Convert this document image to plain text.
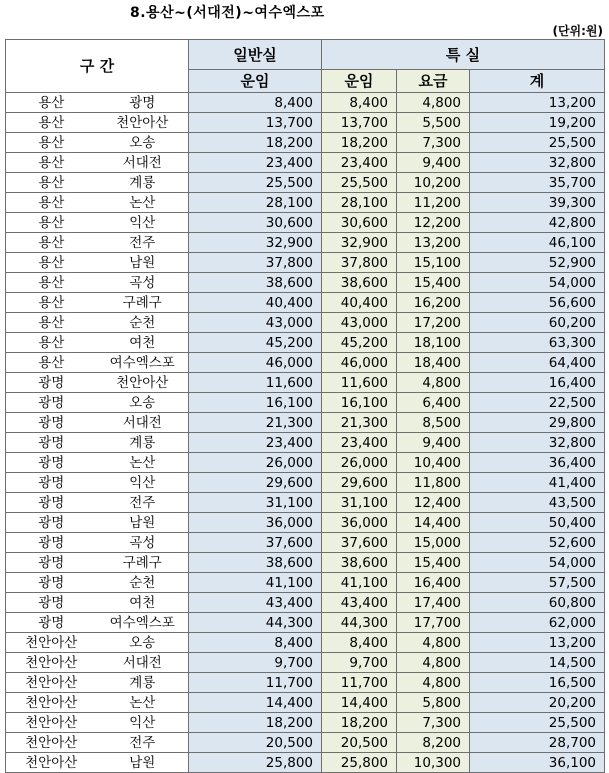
8.용산~(서대전)~여수엑스포
(단위:원)
구 간		일반실	특 실		
		운임	운임	요금	계
용산	광명	8,400	8,400	4,800	13,200
용산	천안아산	13,700	13,700	5,500	19,200
용산	오송	18,200	18,200	7,300	25,500
용산	서대전	23,400	23,400	9,400	32,800
용산	계룡	25,500	25,500	10,200	35,700
용산	논산	28,100	28,100	11,200	39,300
용산	익산	30,600	30,600	12,200	42,800
용산	전주	32,900	32,900	13,200	46,100
용산	남원	37,800	37,800	15,100	52,900
용산	곡성	38,600	38,600	15,400	54,000
용산	구례구	40,400	40,400	16,200	56,600
용산	순천	43,000	43,000	17,200	60,200
용산	여천	45,200	45,200	18,100	63,300
용산	여수엑스포	46,000	46,000	18,400	64,400
광명	천안아산	11,600	11,600	4,800	16,400
광명	오송	16,100	16,100	6,400	22,500
광명	서대전	21,300	21,300	8,500	29,800
광명	계룡	23,400	23,400	9,400	32,800
광명	논산	26,000	26,000	10,400	36,400
광명	익산	29,600	29,600	11,800	41,400
광명	전주	31,100	31,100	12,400	43,500
광명	남원	36,000	36,000	14,400	50,400
광명	곡성	37,600	37,600	15,000	52,600
광명	구례구	38,600	38,600	15,400	54,000
광명	순천	41,100	41,100	16,400	57,500
광명	여천	43,400	43,400	17,400	60,800
광명	여수엑스포	44,300	44,300	17,700	62,000
천안아산	오송	8,400	8,400	4,800	13,200
천안아산	서대전	9,700	9,700	4,800	14,500
천안아산	계룡	11,700	11,700	4,800	16,500
천안아산	논산	14,400	14,400	5,800	20,200
천안아산	익산	18,200	18,200	7,300	25,500
천안아산	전주	20,500	20,500	8,200	28,700
천안아산	남원	25,800	25,800	10,300	36,100
